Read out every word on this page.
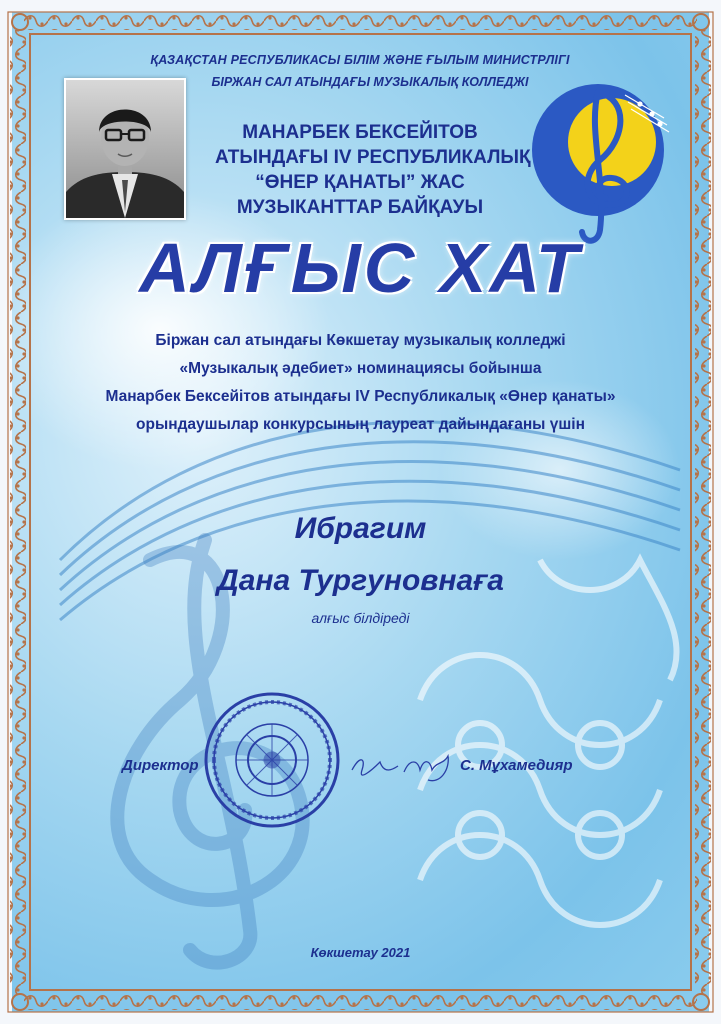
ҚАЗАҚСТАН РЕСПУБЛИКАСЫ БІЛІМ ЖӘНЕ ҒЫЛЫМ МИНИСТРЛІГІ
БІРЖАН САЛ АТЫНДАҒЫ МУЗЫКАЛЫҚ КОЛЛЕДЖІ
МАНАРБЕК БЕКСЕЙІТОВ
АТЫНДАҒЫ IV РЕСПУБЛИКАЛЫҚ
“ӨНЕР ҚАНАТЫ” ЖАС
МУЗЫКАНТТАР БАЙҚАУЫ
АЛҒЫС ХАТ
Біржан сал атындағы Көкшетау музыкалық колледжі
«Музыкалық әдебиет» номинациясы бойынша
Манарбек Бексейітов атындағы IV Республикалық «Өнер қанаты»
орындаушылар конкурсының лауреат дайындағаны үшін
Ибрагим
Дана Тургуновнаға
алғыс білдіреді
Директор	С. Мұхамедияр
Көкшетау 2021
